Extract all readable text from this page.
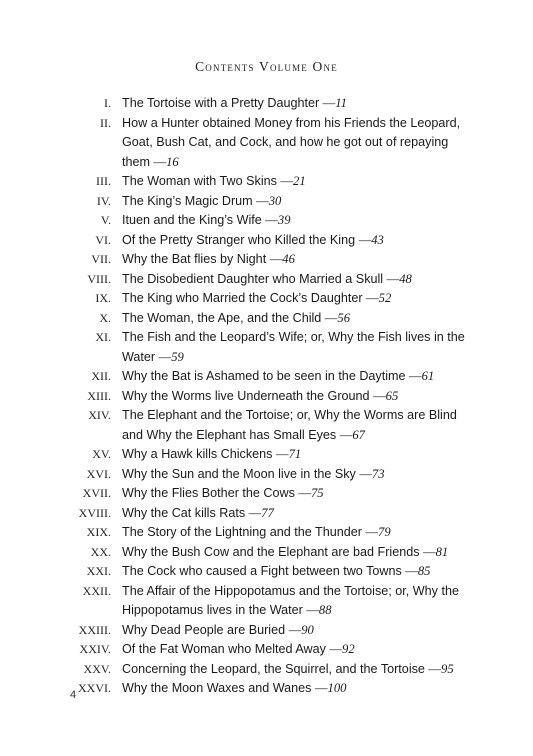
Contents Volume One
I. The Tortoise with a Pretty Daughter —11
II. How a Hunter obtained Money from his Friends the Leopard, Goat, Bush Cat, and Cock, and how he got out of repaying them —16
III. The Woman with Two Skins —21
IV. The King’s Magic Drum —30
V. Ituen and the King’s Wife —39
VI. Of the Pretty Stranger who Killed the King —43
VII. Why the Bat flies by Night —46
VIII. The Disobedient Daughter who Married a Skull —48
IX. The King who Married the Cock’s Daughter —52
X. The Woman, the Ape, and the Child —56
XI. The Fish and the Leopard’s Wife; or, Why the Fish lives in the Water —59
XII. Why the Bat is Ashamed to be seen in the Daytime —61
XIII. Why the Worms live Underneath the Ground —65
XIV. The Elephant and the Tortoise; or, Why the Worms are Blind and Why the Elephant has Small Eyes —67
XV. Why a Hawk kills Chickens —71
XVI. Why the Sun and the Moon live in the Sky —73
XVII. Why the Flies Bother the Cows —75
XVIII. Why the Cat kills Rats —77
XIX. The Story of the Lightning and the Thunder —79
XX. Why the Bush Cow and the Elephant are bad Friends —81
XXI. The Cock who caused a Fight between two Towns —85
XXII. The Affair of the Hippopotamus and the Tortoise; or, Why the Hippopotamus lives in the Water —88
XXIII. Why Dead People are Buried —90
XXIV. Of the Fat Woman who Melted Away —92
XXV. Concerning the Leopard, the Squirrel, and the Tortoise —95
XXVI. Why the Moon Waxes and Wanes —100
4
